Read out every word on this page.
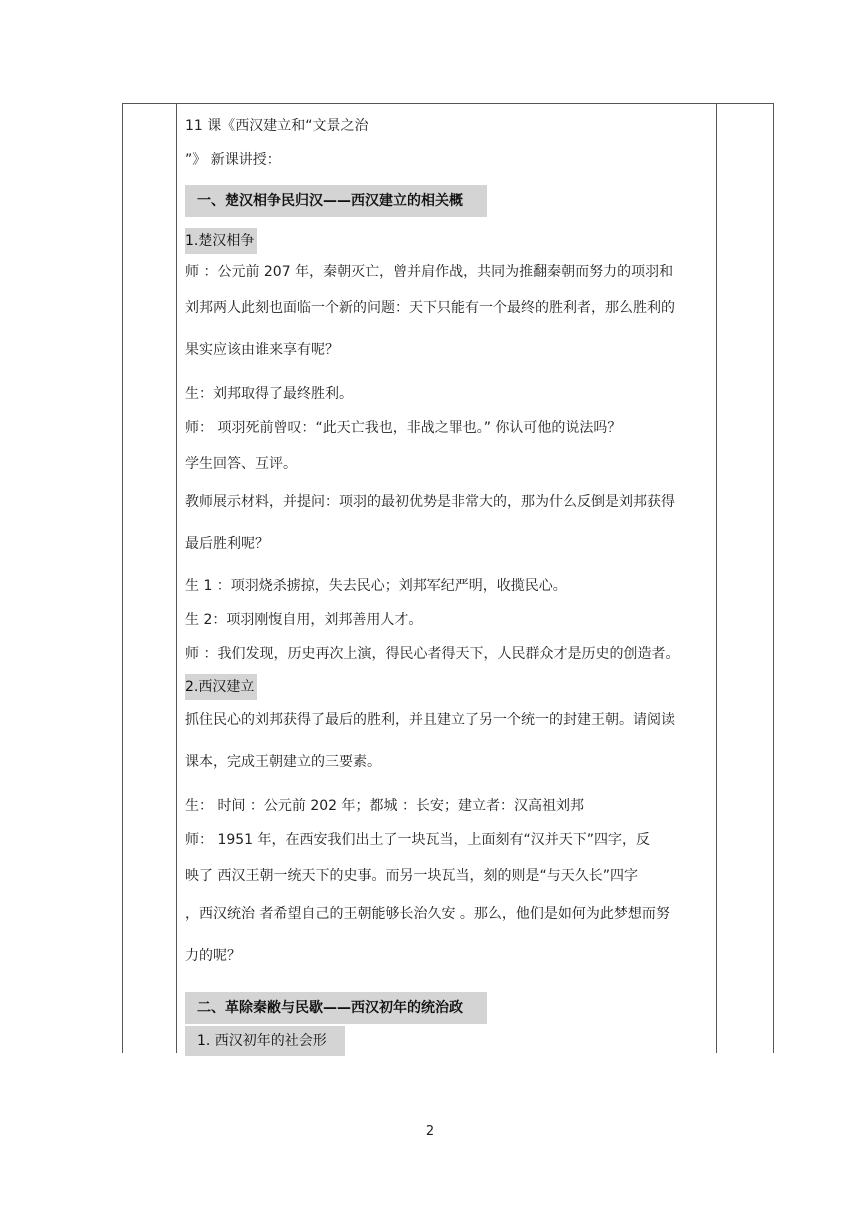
11 课《西汉建立和“文景之治
”》 新课讲授：
一、楚汉相争民归汉——西汉建立的相关概
1.楚汉相争
师 ：公元前 207 年，秦朝灭亡，曾并肩作战，共同为推翻秦朝而努力的项羽和
刘邦两人此刻也面临一个新的问题：天下只能有一个最终的胜利者，那么胜利的
果实应该由谁来享有呢？
生：刘邦取得了最终胜利。
师： 项羽死前曾叹：“此天亡我也，非战之罪也。” 你认可他的说法吗？
学生回答、互评。
教师展示材料，并提问：项羽的最初优势是非常大的，那为什么反倒是刘邦获得
最后胜利呢？
生 1 ：项羽烧杀掳掠，失去民心；刘邦军纪严明，收揽民心。
生 2：项羽刚愎自用，刘邦善用人才。
师 ：我们发现，历史再次上演，得民心者得天下，人民群众才是历史的创造者。
2.西汉建立
抓住民心的刘邦获得了最后的胜利，并且建立了另一个统一的封建王朝。请阅读
课本，完成王朝建立的三要素。
生： 时间 ：公元前 202 年；都城 ：长安；建立者：汉高祖刘邦
师： 1951 年，在西安我们出土了一块瓦当，上面刻有“汉并天下”四字，反
映了 西汉王朝一统天下的史事。而另一块瓦当，刻的则是“与天久长”四字
，西汉统治 者希望自己的王朝能够长治久安 。那么，他们是如何为此梦想而努
力的呢？
二、革除秦敝与民歇——西汉初年的统治政
1. 西汉初年的社会形
2
